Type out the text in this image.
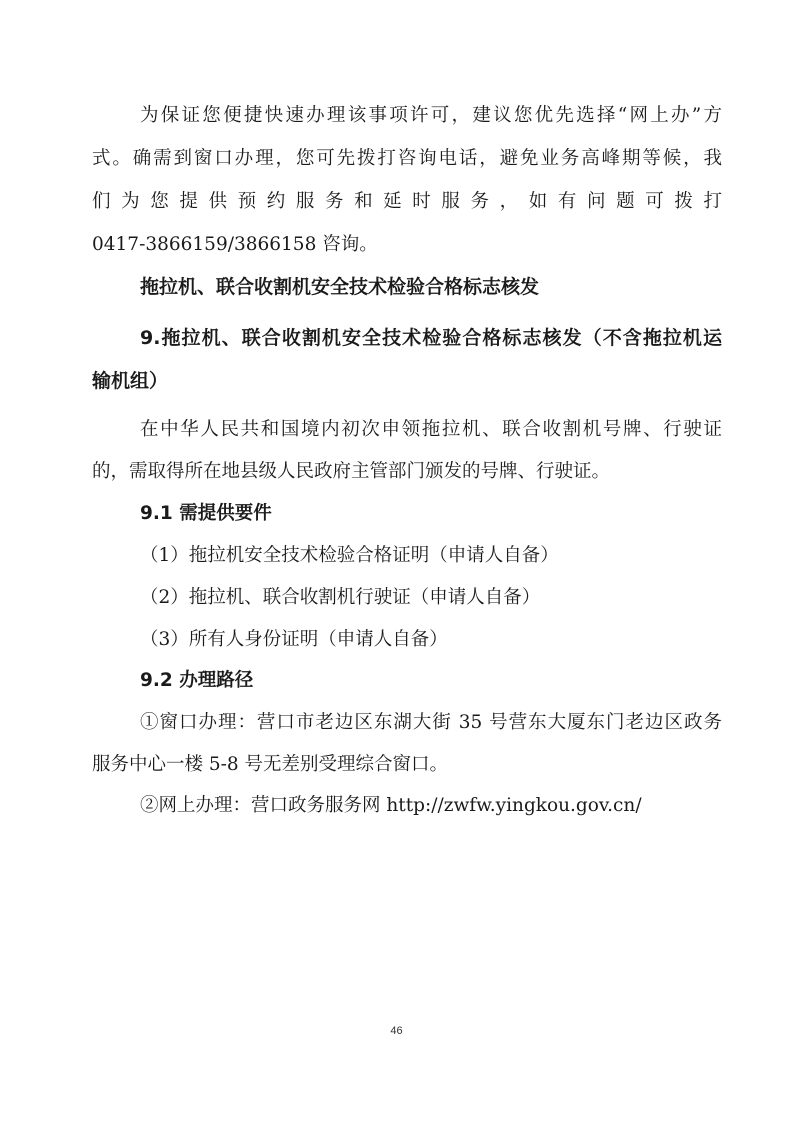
为保证您便捷快速办理该事项许可，建议您优先选择“网上办”方
式。确需到窗口办理，您可先拨打咨询电话，避免业务高峰期等候，我
们为您提供预约服务和延时服务，如有问题可拨打
0417-3866159/3866158 咨询。
拖拉机、联合收割机安全技术检验合格标志核发
9.拖拉机、联合收割机安全技术检验合格标志核发（不含拖拉机运
输机组）
在中华人民共和国境内初次申领拖拉机、联合收割机号牌、行驶证
的，需取得所在地县级人民政府主管部门颁发的号牌、行驶证。
9.1 需提供要件
（1）拖拉机安全技术检验合格证明（申请人自备）
（2）拖拉机、联合收割机行驶证（申请人自备）
（3）所有人身份证明（申请人自备）
9.2 办理路径
①窗口办理：营口市老边区东湖大街 35 号营东大厦东门老边区政务
服务中心一楼 5-8 号无差别受理综合窗口。
②网上办理：营口政务服务网 http://zwfw.yingkou.gov.cn/
46
